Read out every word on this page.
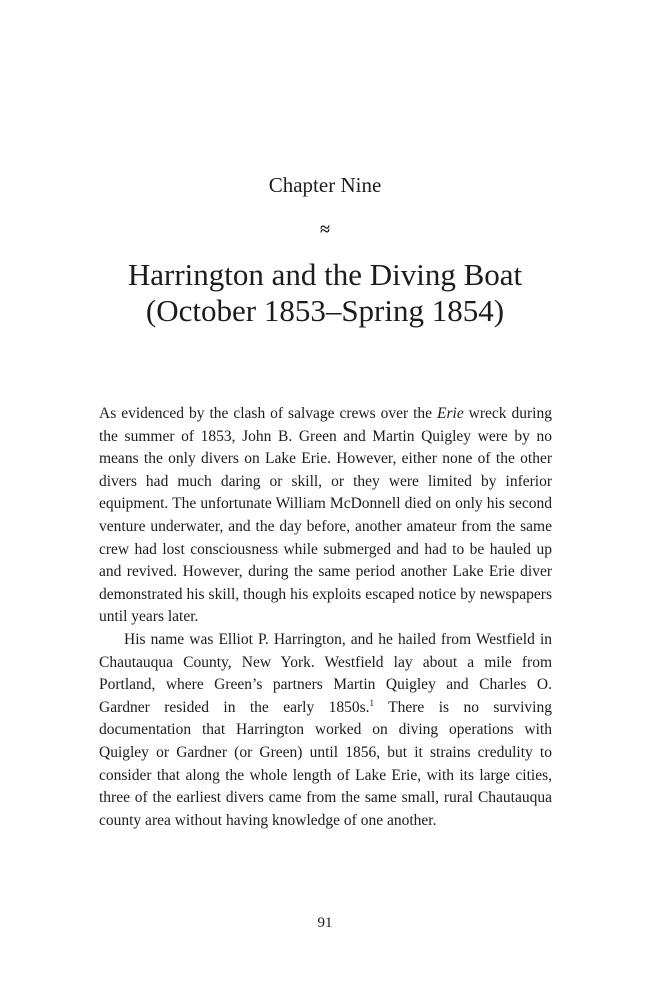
Chapter Nine
≈
Harrington and the Diving Boat
(October 1853–Spring 1854)

As evidenced by the clash of salvage crews over the Erie wreck during the summer of 1853, John B. Green and Martin Quigley were by no means the only divers on Lake Erie. However, either none of the other divers had much daring or skill, or they were limited by inferior equipment. The unfortunate William McDonnell died on only his second venture underwater, and the day before, another amateur from the same crew had lost consciousness while submerged and had to be hauled up and revived. However, during the same period another Lake Erie diver demonstrated his skill, though his exploits escaped notice by newspapers until years later.

His name was Elliot P. Harrington, and he hailed from Westfield in Chautauqua County, New York. Westfield lay about a mile from Portland, where Green’s partners Martin Quigley and Charles O. Gardner resided in the early 1850s.$^1$ There is no surviving documentation that Harrington worked on diving operations with Quigley or Gardner (or Green) until 1856, but it strains credulity to consider that along the whole length of Lake Erie, with its large cities, three of the earliest divers came from the same small, rural Chautauqua county area without having knowledge of one another.

91
